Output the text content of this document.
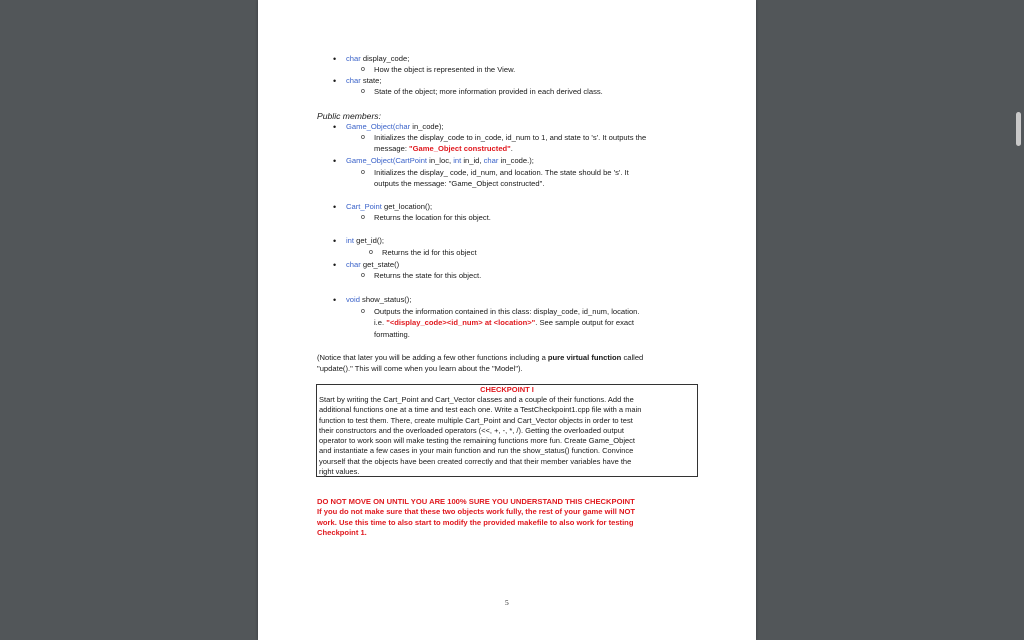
• char display_code;
o How the object is represented in the View.
• char state;
o State of the object; more information provided in each derived class.
Public members:
• Game_Object(char in_code);
o Initializes the display_code to in_code, id_num to 1, and state to 's'. It outputs the
message: "Game_Object constructed".
• Game_Object(CartPoint in_loc, int in_id, char in_code.);
o Initializes the display_ code, id_num, and location. The state should be 's'. It
outputs the message: "Game_Object constructed".
• Cart_Point get_location();
o Returns the location for this object.
• int get_id();
o Returns the id for this object
• char get_state()
o Returns the state for this object.
• void show_status();
o Outputs the information contained in this class: display_code, id_num, location.
i.e. "<display_code><id_num> at <location>". See sample output for exact
formatting.
(Notice that later you will be adding a few other functions including a pure virtual function called
"update()." This will come when you learn about the "Model").
CHECKPOINT I
Start by writing the Cart_Point and Cart_Vector classes and a couple of their functions. Add the
additional functions one at a time and test each one. Write a TestCheckpoint1.cpp file with a main
function to test them. There, create multiple Cart_Point and Cart_Vector objects in order to test
their constructors and the overloaded operators (<<, +, -, *, /). Getting the overloaded output
operator to work soon will make testing the remaining functions more fun. Create Game_Object
and instantiate a few cases in your main function and run the show_status() function. Convince
yourself that the objects have been created correctly and that their member variables have the
right values.
DO NOT MOVE ON UNTIL YOU ARE 100% SURE YOU UNDERSTAND THIS CHECKPOINT
If you do not make sure that these two objects work fully, the rest of your game will NOT
work. Use this time to also start to modify the provided makefile to also work for testing
Checkpoint 1.
5
